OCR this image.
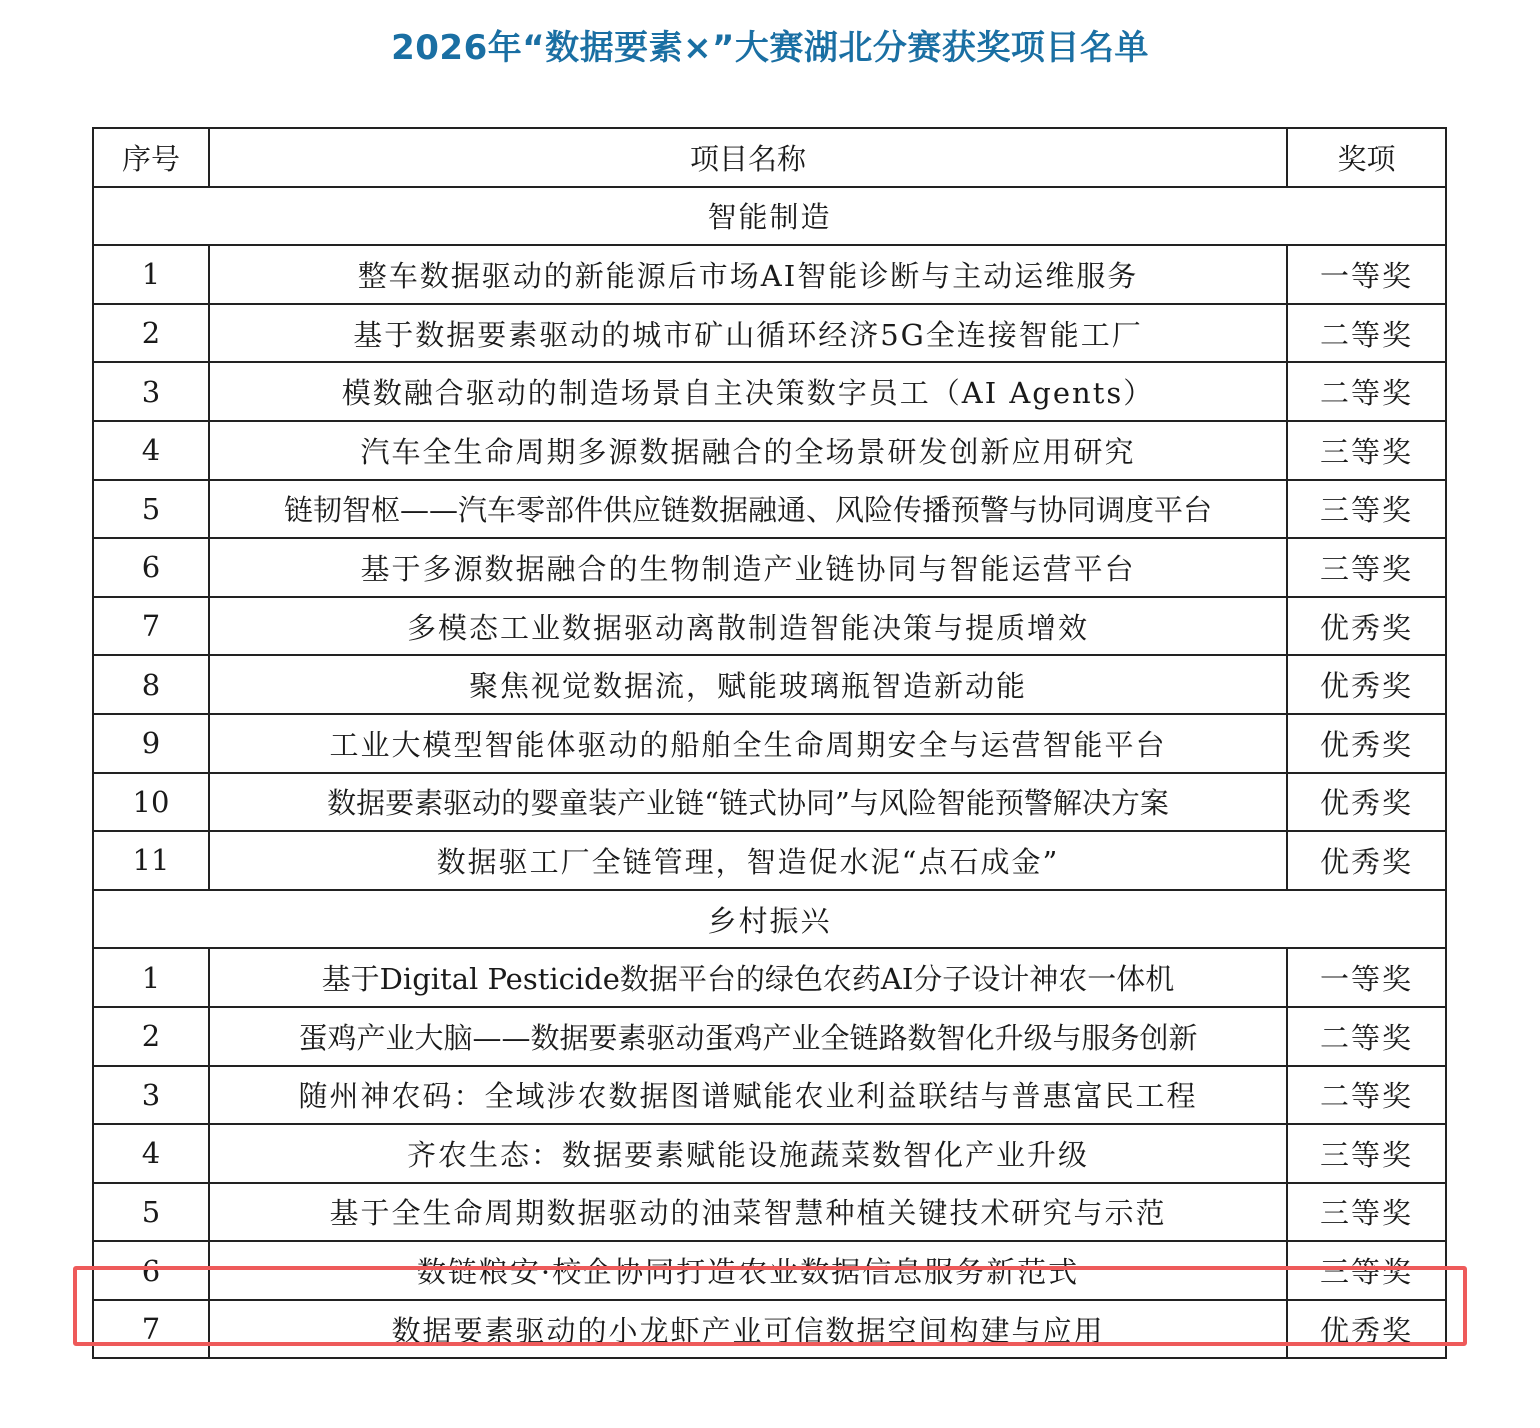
2026年“数据要素×”大赛湖北分赛获奖项目名单
序号	项目名称	奖项
智能制造		
1	整车数据驱动的新能源后市场AI智能诊断与主动运维服务	一等奖
2	基于数据要素驱动的城市矿山循环经济5G全连接智能工厂	二等奖
3	模数融合驱动的制造场景自主决策数字员工（AI Agents）	二等奖
4	汽车全生命周期多源数据融合的全场景研发创新应用研究	三等奖
5	链韧智枢——汽车零部件供应链数据融通、风险传播预警与协同调度平台	三等奖
6	基于多源数据融合的生物制造产业链协同与智能运营平台	三等奖
7	多模态工业数据驱动离散制造智能决策与提质增效	优秀奖
8	聚焦视觉数据流，赋能玻璃瓶智造新动能	优秀奖
9	工业大模型智能体驱动的船舶全生命周期安全与运营智能平台	优秀奖
10	数据要素驱动的婴童装产业链“链式协同”与风险智能预警解决方案	优秀奖
11	数据驱工厂全链管理，智造促水泥“点石成金”	优秀奖
乡村振兴		
1	基于Digital Pesticide数据平台的绿色农药AI分子设计神农一体机	一等奖
2	蛋鸡产业大脑——数据要素驱动蛋鸡产业全链路数智化升级与服务创新	二等奖
3	随州神农码：全域涉农数据图谱赋能农业利益联结与普惠富民工程	二等奖
4	齐农生态：数据要素赋能设施蔬菜数智化产业升级	三等奖
5	基于全生命周期数据驱动的油菜智慧种植关键技术研究与示范	三等奖
6	数链粮安·校企协同打造农业数据信息服务新范式	三等奖
7	数据要素驱动的小龙虾产业可信数据空间构建与应用	优秀奖
